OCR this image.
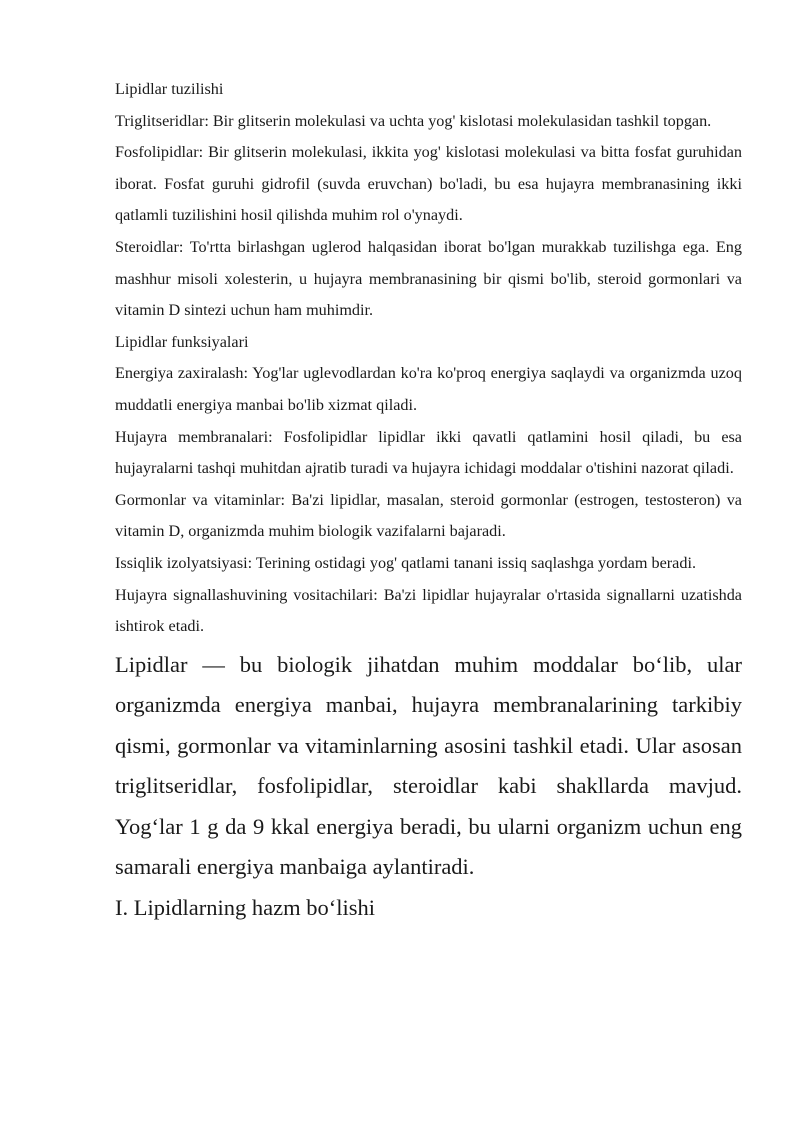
Lipidlar tuzilishi

Triglitseridlar: Bir glitserin molekulasi va uchta yog' kislotasi molekulasidan tashkil topgan.

Fosfolipidlar: Bir glitserin molekulasi, ikkita yog' kislotasi molekulasi va bitta fosfat guruhidan iborat. Fosfat guruhi gidrofil (suvda eruvchan) bo'ladi, bu esa hujayra membranasining ikki qatlamli tuzilishini hosil qilishda muhim rol o'ynaydi.

Steroidlar: To'rtta birlashgan uglerod halqasidan iborat bo'lgan murakkab tuzilishga ega. Eng mashhur misoli xolesterin, u hujayra membranasining bir qismi bo'lib, steroid gormonlari va vitamin D sintezi uchun ham muhimdir.

Lipidlar funksiyalari

Energiya zaxiralash: Yog'lar uglevodlardan ko'ra ko'proq energiya saqlaydi va organizmda uzoq muddatli energiya manbai bo'lib xizmat qiladi.

Hujayra membranalari: Fosfolipidlar lipidlar ikki qavatli qatlamini hosil qiladi, bu esa hujayralarni tashqi muhitdan ajratib turadi va hujayra ichidagi moddalar o'tishini nazorat qiladi.

Gormonlar va vitaminlar: Ba'zi lipidlar, masalan, steroid gormonlar (estrogen, testosteron) va vitamin D, organizmda muhim biologik vazifalarni bajaradi.

Issiqlik izolyatsiyasi: Terining ostidagi yog' qatlami tanani issiq saqlashga yordam beradi.

Hujayra signallashuvining vositachilari: Ba'zi lipidlar hujayralar o'rtasida signallarni uzatishda ishtirok etadi.

Lipidlar — bu biologik jihatdan muhim moddalar bo‘lib, ular organizmda energiya manbai, hujayra membranalarining tarkibiy qismi, gormonlar va vitaminlarning asosini tashkil etadi. Ular asosan triglitseridlar, fosfolipidlar, steroidlar kabi shakllarda mavjud. Yog‘lar 1 g da 9 kkal energiya beradi, bu ularni organizm uchun eng samarali energiya manbaiga aylantiradi.

I. Lipidlarning hazm bo‘lishi
